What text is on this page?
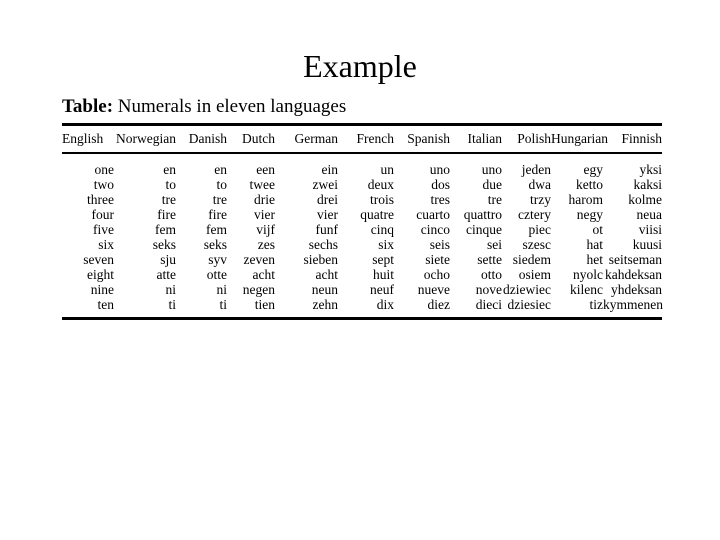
Example

Table: Numerals in eleven languages

English	Norwegian	Danish	Dutch	German	French	Spanish	Italian	Polish	Hungarian	Finnish
one	en	en	een	ein	un	uno	uno	jeden	egy	yksi
two	to	to	twee	zwei	deux	dos	due	dwa	ketto	kaksi
three	tre	tre	drie	drei	trois	tres	tre	trzy	harom	kolme
four	fire	fire	vier	vier	quatre	cuarto	quattro	cztery	negy	neua
five	fem	fem	vijf	funf	cinq	cinco	cinque	piec	ot	viisi
six	seks	seks	zes	sechs	six	seis	sei	szesc	hat	kuusi
seven	sju	syv	zeven	sieben	sept	siete	sette	siedem	het	seitseman
eight	atte	otte	acht	acht	huit	ocho	otto	osiem	nyolc	kahdeksan
nine	ni	ni	negen	neun	neuf	nueve	nove	dziewiec	kilenc	yhdeksan
ten	ti	ti	tien	zehn	dix	diez	dieci	dziesiec	tiz	kymmenen
